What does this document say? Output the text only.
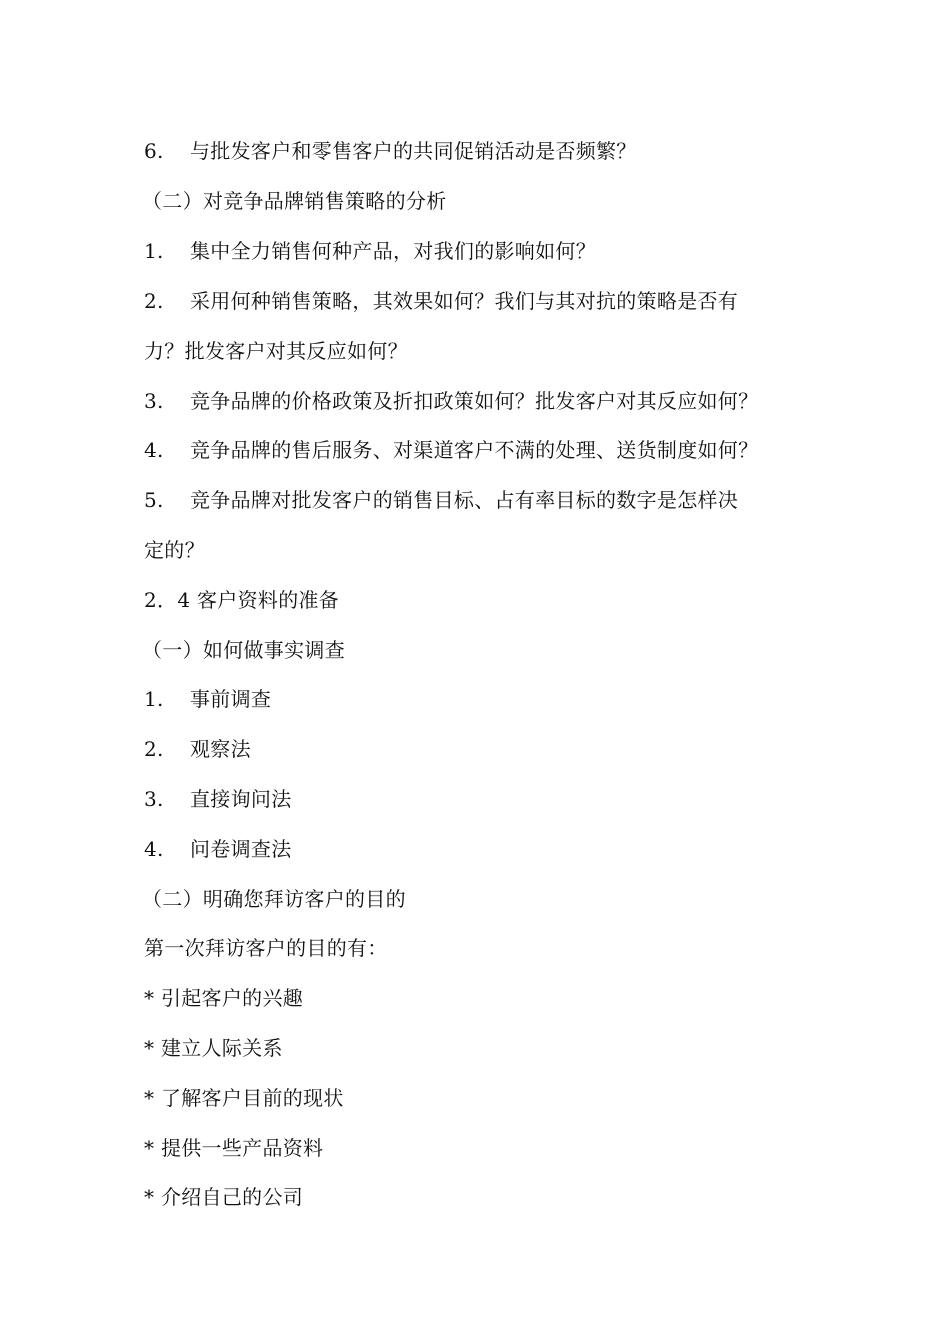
6. 与批发客户和零售客户的共同促销活动是否频繁？
（二）对竞争品牌销售策略的分析
1. 集中全力销售何种产品，对我们的影响如何？
2. 采用何种销售策略，其效果如何？我们与其对抗的策略是否有
力？批发客户对其反应如何？
3. 竞争品牌的价格政策及折扣政策如何？批发客户对其反应如何？
4. 竞争品牌的售后服务、对渠道客户不满的处理、送货制度如何？
5. 竞争品牌对批发客户的销售目标、占有率目标的数字是怎样决
定的？
2．4 客户资料的准备
（一）如何做事实调查
1. 事前调查
2. 观察法
3. 直接询问法
4. 问卷调查法
（二）明确您拜访客户的目的
第一次拜访客户的目的有：
* 引起客户的兴趣
* 建立人际关系
* 了解客户目前的现状
* 提供一些产品资料
* 介绍自己的公司
